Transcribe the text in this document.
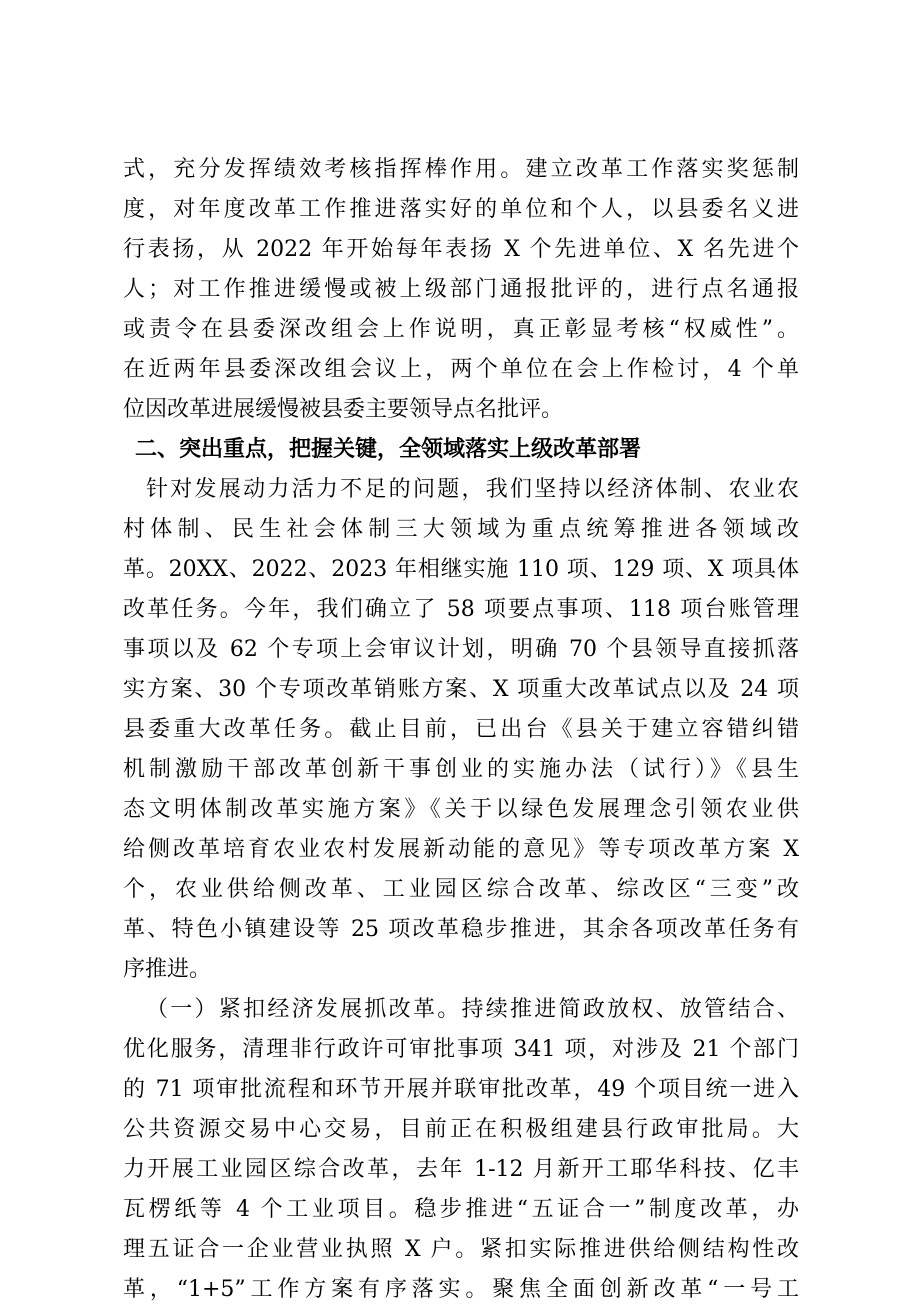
式，充分发挥绩效考核指挥棒作用。建立改革工作落实奖惩制
度，对年度改革工作推进落实好的单位和个人，以县委名义进
行表扬，从 2022 年开始每年表扬 X 个先进单位、X 名先进个
人；对工作推进缓慢或被上级部门通报批评的，进行点名通报
或责令在县委深改组会上作说明，真正彰显考核“权威性”。
在近两年县委深改组会议上，两个单位在会上作检讨，4 个单
位因改革进展缓慢被县委主要领导点名批评。
二、突出重点，把握关键，全领域落实上级改革部署
针对发展动力活力不足的问题，我们坚持以经济体制、农业农
村体制、民生社会体制三大领域为重点统筹推进各领域改
革。20XX、2022、2023 年相继实施 110 项、129 项、X 项具体
改革任务。今年，我们确立了 58 项要点事项、118 项台账管理
事项以及 62 个专项上会审议计划，明确 70 个县领导直接抓落
实方案、30 个专项改革销账方案、X 项重大改革试点以及 24 项
县委重大改革任务。截止目前，已出台《县关于建立容错纠错
机制激励干部改革创新干事创业的实施办法（试行）》《县生
态文明体制改革实施方案》《关于以绿色发展理念引领农业供
给侧改革培育农业农村发展新动能的意见》等专项改革方案 X
个，农业供给侧改革、工业园区综合改革、综改区“三变”改
革、特色小镇建设等 25 项改革稳步推进，其余各项改革任务有
序推进。
（一）紧扣经济发展抓改革。持续推进简政放权、放管结合、
优化服务，清理非行政许可审批事项 341 项，对涉及 21 个部门
的 71 项审批流程和环节开展并联审批改革，49 个项目统一进入
公共资源交易中心交易，目前正在积极组建县行政审批局。大
力开展工业园区综合改革，去年 1-12 月新开工耶华科技、亿丰
瓦楞纸等 4 个工业项目。稳步推进“五证合一”制度改革，办
理五证合一企业营业执照 X 户。紧扣实际推进供给侧结构性改
革，“1+5”工作方案有序落实。聚焦全面创新改革“一号工
